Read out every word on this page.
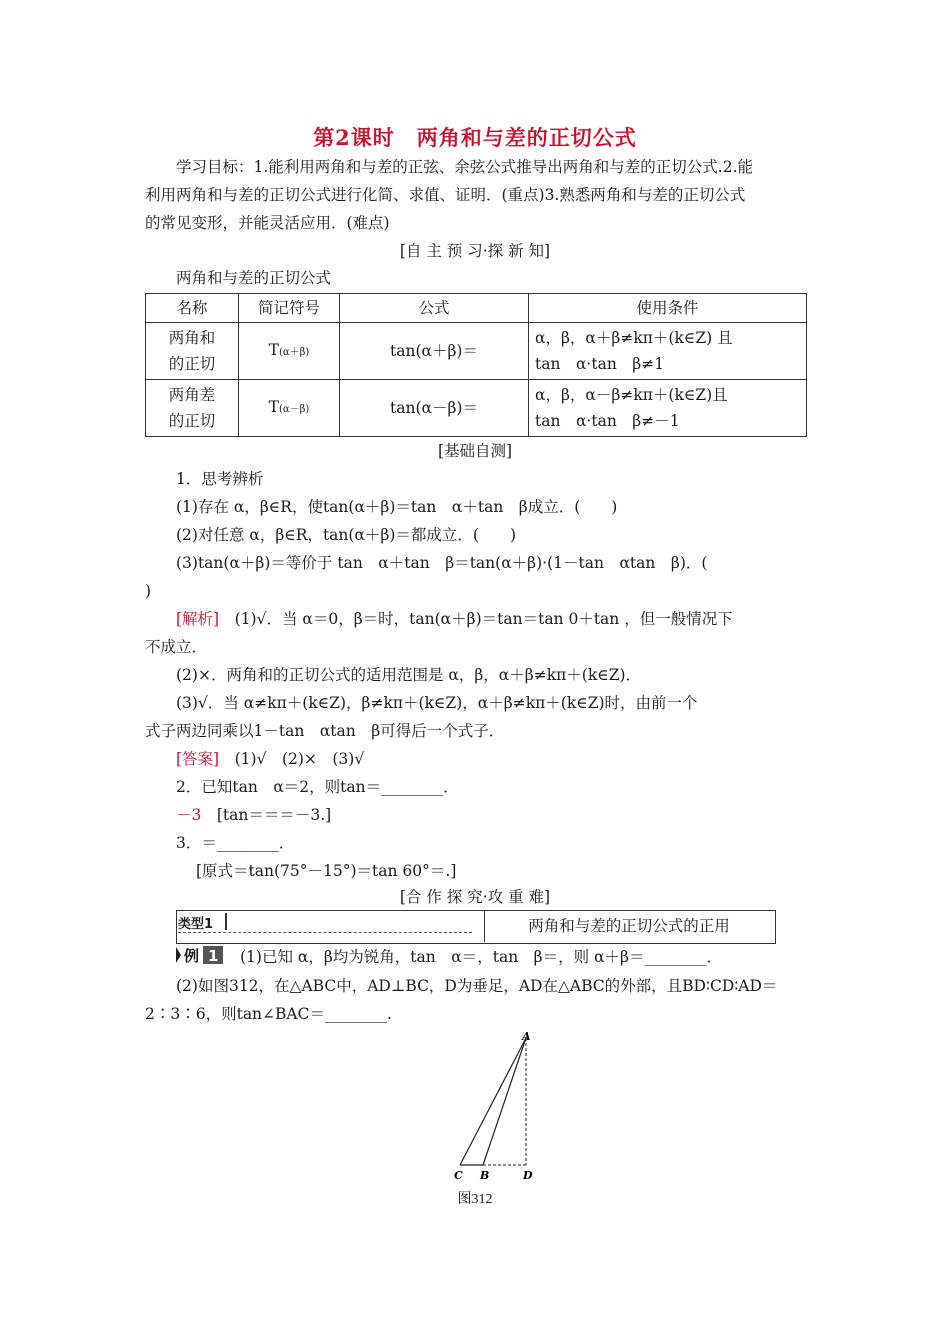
第2课时　两角和与差的正切公式
学习目标：1.能利用两角和与差的正弦、余弦公式推导出两角和与差的正切公式.2.能
利用两角和与差的正切公式进行化简、求值、证明．(重点)3.熟悉两角和与差的正切公式
的常见变形，并能灵活应用．(难点)
[自 主 预 习·探 新 知]
两角和与差的正切公式
名称	简记符号	公式	使用条件
两角和
的正切	T(α＋β)	tan(α＋β)＝	α，β，α＋β≠kπ＋(k∈Z) 且
tan　α·tan　β≠1
两角差
的正切	T(α－β)	tan(α－β)＝	α，β，α－β≠kπ＋(k∈Z)且
tan　α·tan　β≠－1
[基础自测]
1．思考辨析
(1)存在 α，β∈R，使tan(α＋β)＝tan　α＋tan　β成立．(　　)
(2)对任意 α，β∈R，tan(α＋β)＝都成立．(　　)
(3)tan(α＋β)＝等价于 tan　α＋tan　β＝tan(α＋β)·(1－tan　αtan　β)．(
)
[解析]　(1)√．当 α＝0，β＝时，tan(α＋β)＝tan＝tan 0＋tan ，但一般情况下
不成立．
(2)×．两角和的正切公式的适用范围是 α，β，α＋β≠kπ＋(k∈Z)．
(3)√．当 α≠kπ＋(k∈Z)，β≠kπ＋(k∈Z)，α＋β≠kπ＋(k∈Z)时，由前一个
式子两边同乘以1－tan　αtan　β可得后一个式子．
[答案]　(1)√　(2)×　(3)√
2．已知tan　α＝2，则tan＝________．
－3　[tan＝＝＝－3.]
3．＝________．
[原式＝tan(75°－15°)＝tan 60°＝.]
[合 作 探 究·攻 重 难]
类型1	两角和与差的正切公式的正用
例 1 (1)已知 α，β均为锐角，tan　α＝，tan　β＝，则 α＋β＝________．
(2)如图312，在△ABC中，AD⊥BC，D为垂足，AD在△ABC的外部，且BD∶CD∶AD＝
2∶3∶6，则tan∠BAC＝________.
A
C B	D
图312
